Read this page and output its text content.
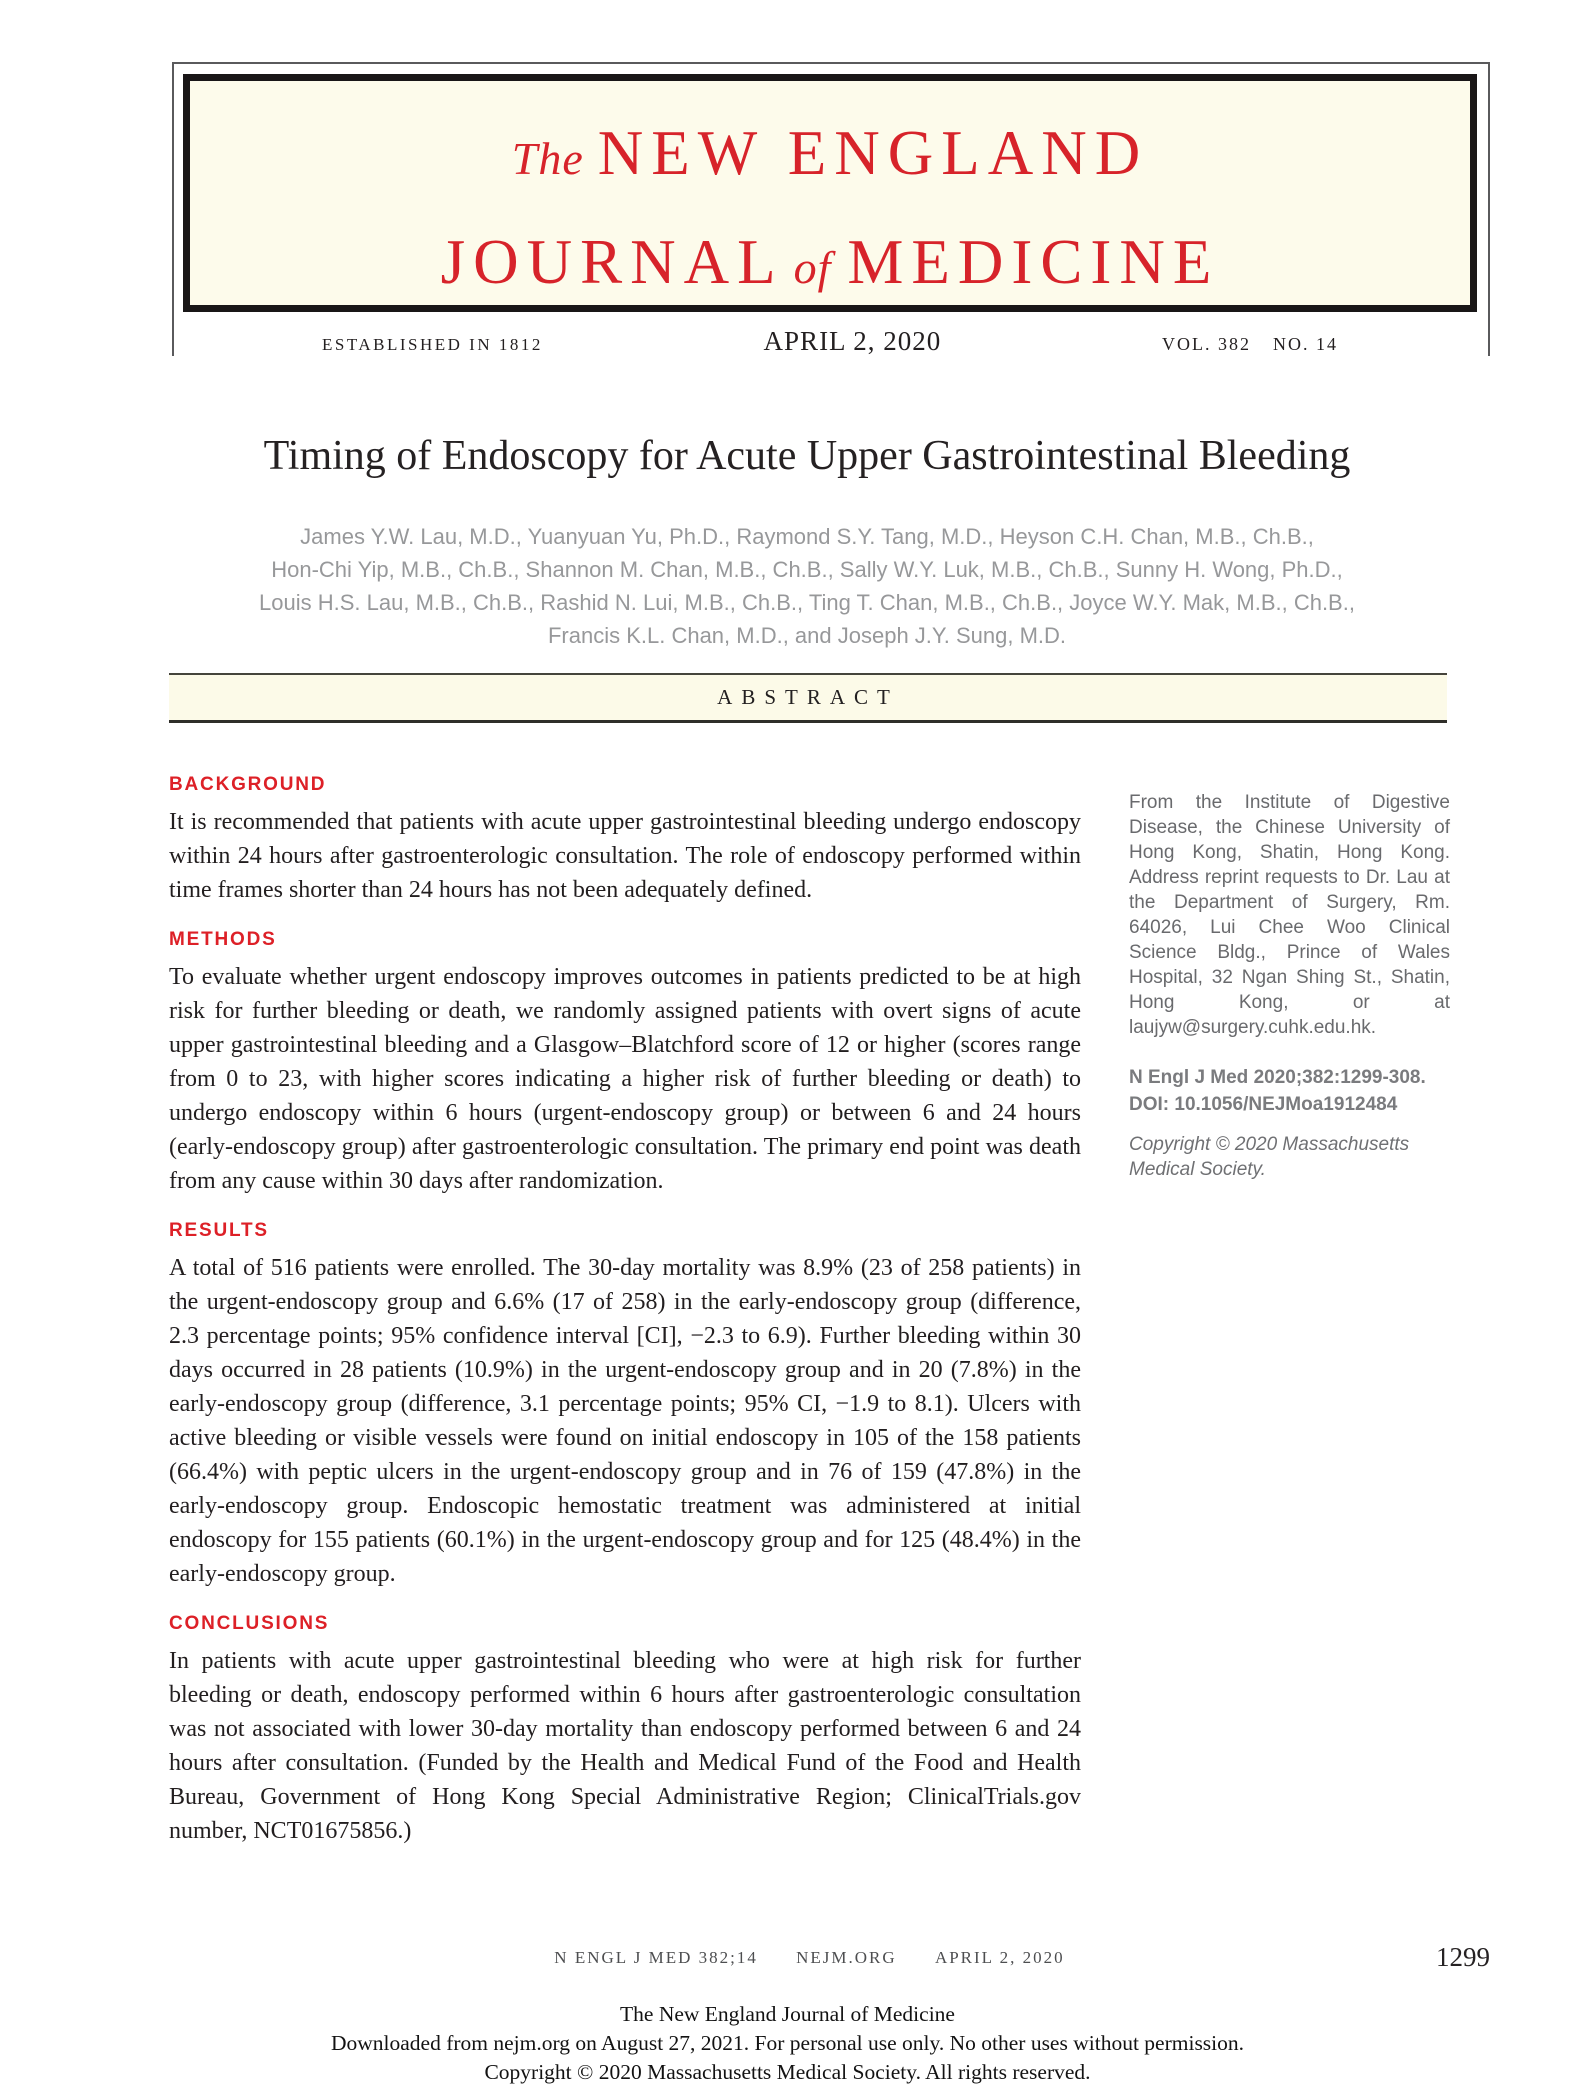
The NEW ENGLAND
JOURNAL of MEDICINE
ESTABLISHED IN 1812	APRIL 2, 2020	VOL. 382 NO. 14
Timing of Endoscopy for Acute Upper Gastrointestinal Bleeding
James Y.W. Lau, M.D., Yuanyuan Yu, Ph.D., Raymond S.Y. Tang, M.D., Heyson C.H. Chan, M.B., Ch.B.,
Hon-Chi Yip, M.B., Ch.B., Shannon M. Chan, M.B., Ch.B., Sally W.Y. Luk, M.B., Ch.B., Sunny H. Wong, Ph.D.,
Louis H.S. Lau, M.B., Ch.B., Rashid N. Lui, M.B., Ch.B., Ting T. Chan, M.B., Ch.B., Joyce W.Y. Mak, M.B., Ch.B.,
Francis K.L. Chan, M.D., and Joseph J.Y. Sung, M.D.
ABSTRACT
BACKGROUND
It is recommended that patients with acute upper gastrointestinal bleeding undergo endoscopy within 24 hours after gastroenterologic consultation. The role of endoscopy performed within time frames shorter than 24 hours has not been adequately defined.
METHODS
To evaluate whether urgent endoscopy improves outcomes in patients predicted to be at high risk for further bleeding or death, we randomly assigned patients with overt signs of acute upper gastrointestinal bleeding and a Glasgow–Blatchford score of 12 or higher (scores range from 0 to 23, with higher scores indicating a higher risk of further bleeding or death) to undergo endoscopy within 6 hours (urgent-endoscopy group) or between 6 and 24 hours (early-endoscopy group) after gastroenterologic consultation. The primary end point was death from any cause within 30 days after randomization.
RESULTS
A total of 516 patients were enrolled. The 30-day mortality was 8.9% (23 of 258 patients) in the urgent-endoscopy group and 6.6% (17 of 258) in the early-endoscopy group (difference, 2.3 percentage points; 95% confidence interval [CI], −2.3 to 6.9). Further bleeding within 30 days occurred in 28 patients (10.9%) in the urgent-endoscopy group and in 20 (7.8%) in the early-endoscopy group (difference, 3.1 percentage points; 95% CI, −1.9 to 8.1). Ulcers with active bleeding or visible vessels were found on initial endoscopy in 105 of the 158 patients (66.4%) with peptic ulcers in the urgent-endoscopy group and in 76 of 159 (47.8%) in the early-endoscopy group. Endoscopic hemostatic treatment was administered at initial endoscopy for 155 patients (60.1%) in the urgent-endoscopy group and for 125 (48.4%) in the early-endoscopy group.
CONCLUSIONS
In patients with acute upper gastrointestinal bleeding who were at high risk for further bleeding or death, endoscopy performed within 6 hours after gastroenterologic consultation was not associated with lower 30-day mortality than endoscopy performed between 6 and 24 hours after consultation. (Funded by the Health and Medical Fund of the Food and Health Bureau, Government of Hong Kong Special Administrative Region; ClinicalTrials.gov number, NCT01675856.)
From the Institute of Digestive Disease, the Chinese University of Hong Kong, Shatin, Hong Kong. Address reprint requests to Dr. Lau at the Department of Surgery, Rm. 64026, Lui Chee Woo Clinical Science Bldg., Prince of Wales Hospital, 32 Ngan Shing St., Shatin, Hong Kong, or at laujyw@surgery.cuhk.edu.hk.
N Engl J Med 2020;382:1299-308.
DOI: 10.1056/NEJMoa1912484
Copyright © 2020 Massachusetts Medical Society.
N ENGL J MED 382;14 NEJM.ORG APRIL 2, 2020	1299
The New England Journal of Medicine
Downloaded from nejm.org on August 27, 2021. For personal use only. No other uses without permission.
Copyright © 2020 Massachusetts Medical Society. All rights reserved.
